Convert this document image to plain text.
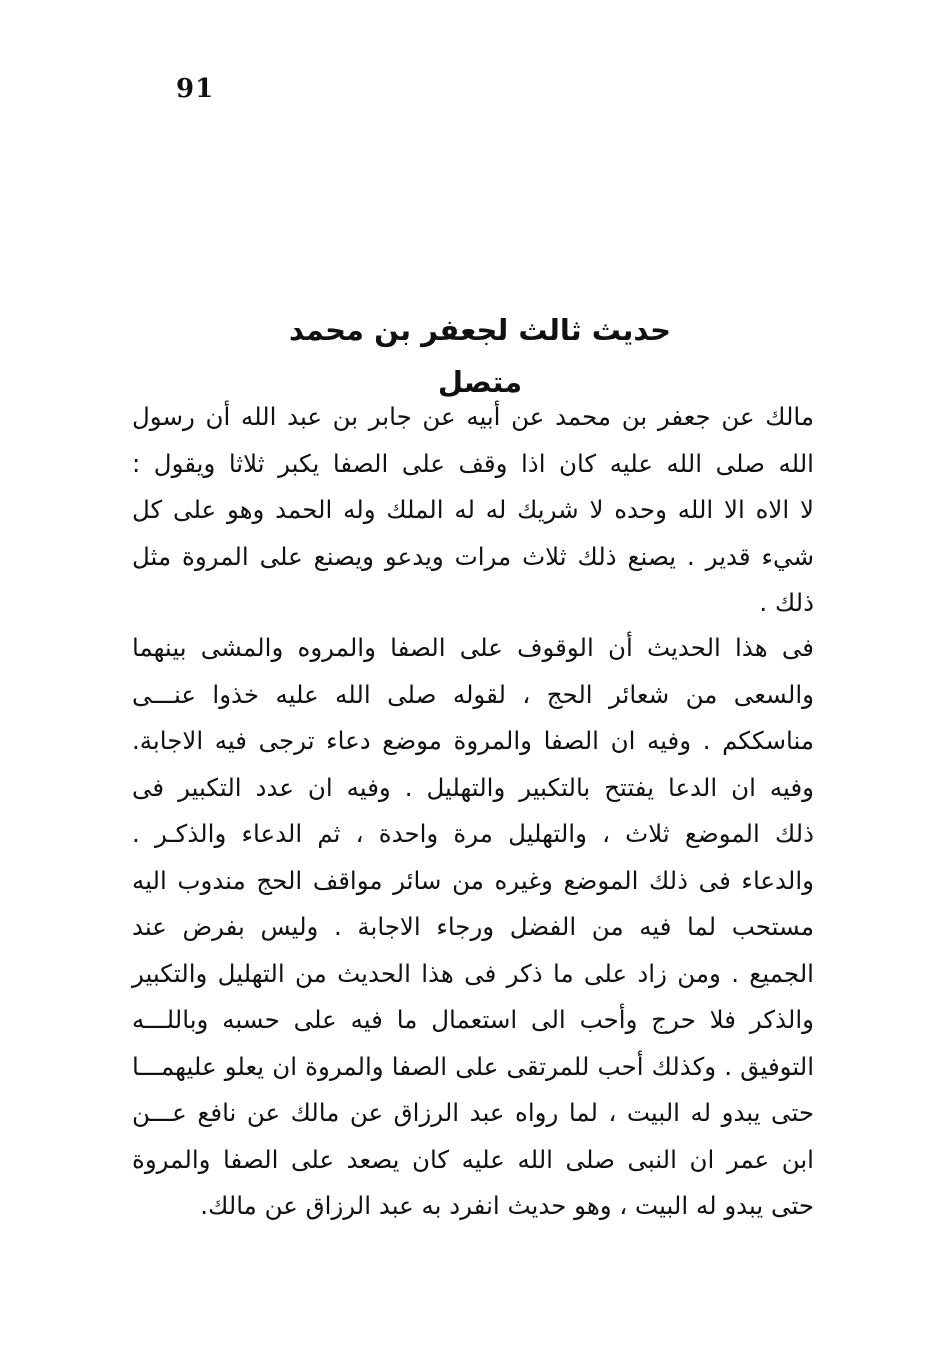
91
حديث ثالث لجعفر بن محمد متصل
مالك عن جعفر بن محمد عن أبيه عن جابر بن عبد الله أن رسول
الله صلى الله عليه كان اذا وقف على الصفا يكبر ثلاثا ويقول :
لا الاه الا الله وحده لا شريك له له الملك وله الحمد وهو على كل
شيء قدير . يصنع ذلك ثلاث مرات ويدعو ويصنع على المروة مثل
ذلك .
فى هذا الحديث أن الوقوف على الصفا والمروه والمشى بينهما
والسعى من شعائر الحج ، لقوله صلى الله عليه خذوا عنـــى
مناسككم . وفيه ان الصفا والمروة موضع دعاء ترجى فيه الاجابة.
وفيه ان الدعا يفتتح بالتكبير والتهليل . وفيه ان عدد التكبير فى
ذلك الموضع ثلاث ، والتهليل مرة واحدة ، ثم الدعاء والذكـر .
والدعاء فى ذلك الموضع وغيره من سائر مواقف الحج مندوب اليه
مستحب لما فيه من الفضل ورجاء الاجابة . وليس بفرض عند
الجميع . ومن زاد على ما ذكر فى هذا الحديث من التهليل والتكبير
والذكر فلا حرج وأحب الى استعمال ما فيه على حسبه وباللـــه
التوفيق . وكذلك أحب للمرتقى على الصفا والمروة ان يعلو عليهمـــا
حتى يبدو له البيت ، لما رواه عبد الرزاق عن مالك عن نافع عـــن
ابن عمر ان النبى صلى الله عليه كان يصعد على الصفا والمروة
حتى يبدو له البيت ، وهو حديث انفرد به عبد الرزاق عن مالك.
